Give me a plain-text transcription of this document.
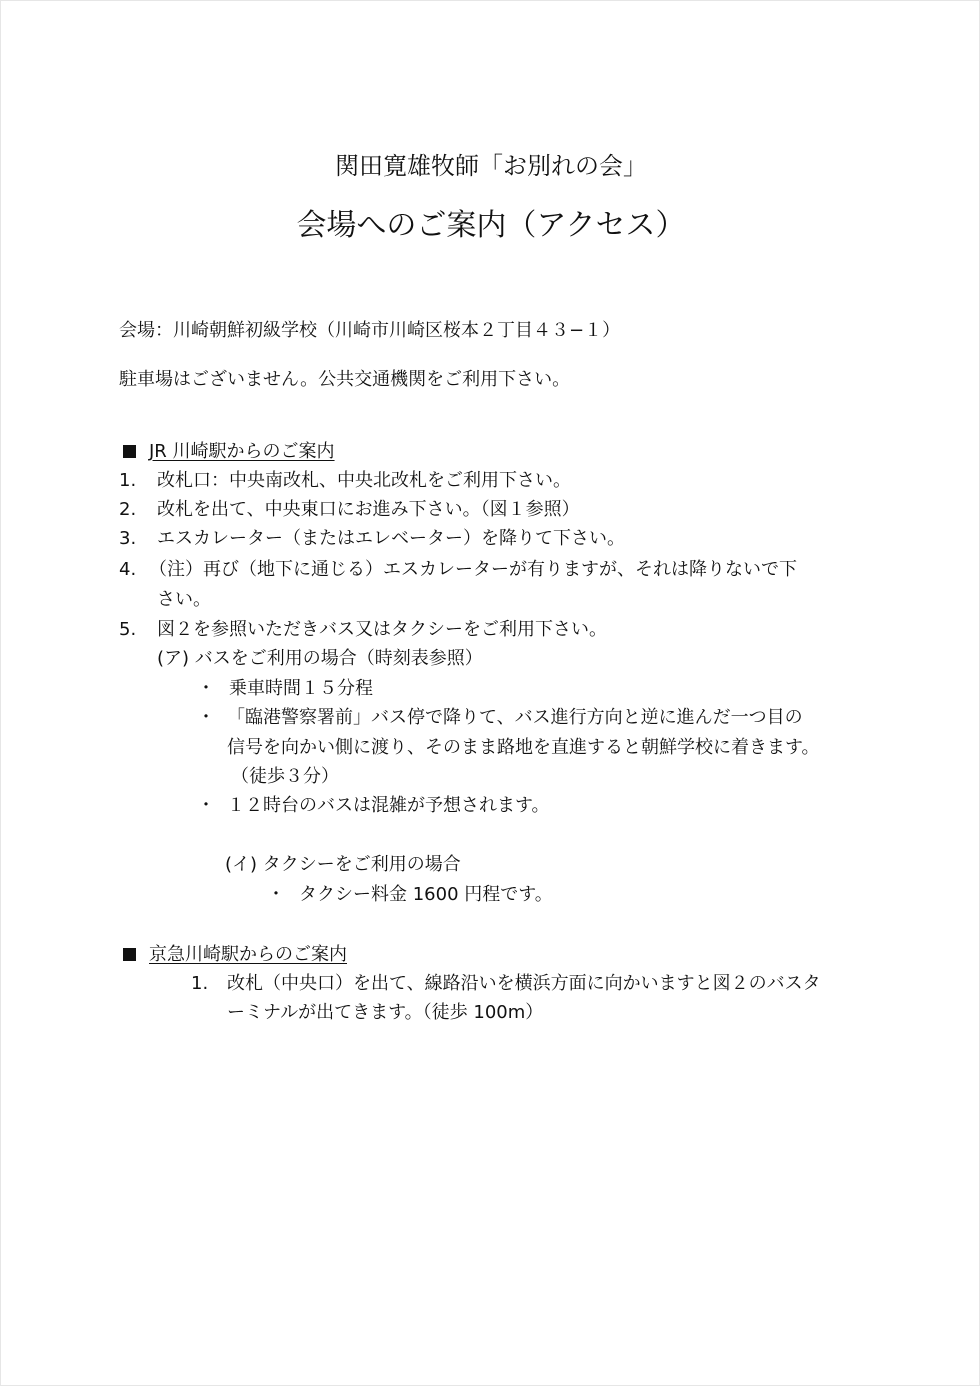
関田寛雄牧師「お別れの会」
会場へのご案内（アクセス）
会場：川崎朝鮮初級学校（川崎市川崎区桜本２丁目４３−１）
駐車場はございません。公共交通機関をご利用下さい。
JR 川崎駅からのご案内
1. 改札口：中央南改札、中央北改札をご利用下さい。
2. 改札を出て、中央東口にお進み下さい。（図１参照）
3. エスカレーター（またはエレベーター）を降りて下さい。
4. （注）再び（地下に通じる）エスカレーターが有りますが、それは降りないで下
さい。
5. 図２を参照いただきバス又はタクシーをご利用下さい。
(ア) バスをご利用の場合（時刻表参照）
・ 乗車時間１５分程
・ 「臨港警察署前」バス停で降りて、バス進行方向と逆に進んだ一つ目の
信号を向かい側に渡り、そのまま路地を直進すると朝鮮学校に着きます。
（徒歩３分）
・ １２時台のバスは混雑が予想されます。
(イ) タクシーをご利用の場合
・ タクシー料金 1600 円程です。
京急川崎駅からのご案内
1. 改札（中央口）を出て、線路沿いを横浜方面に向かいますと図２のバスタ
ーミナルが出てきます。（徒歩 100m）
